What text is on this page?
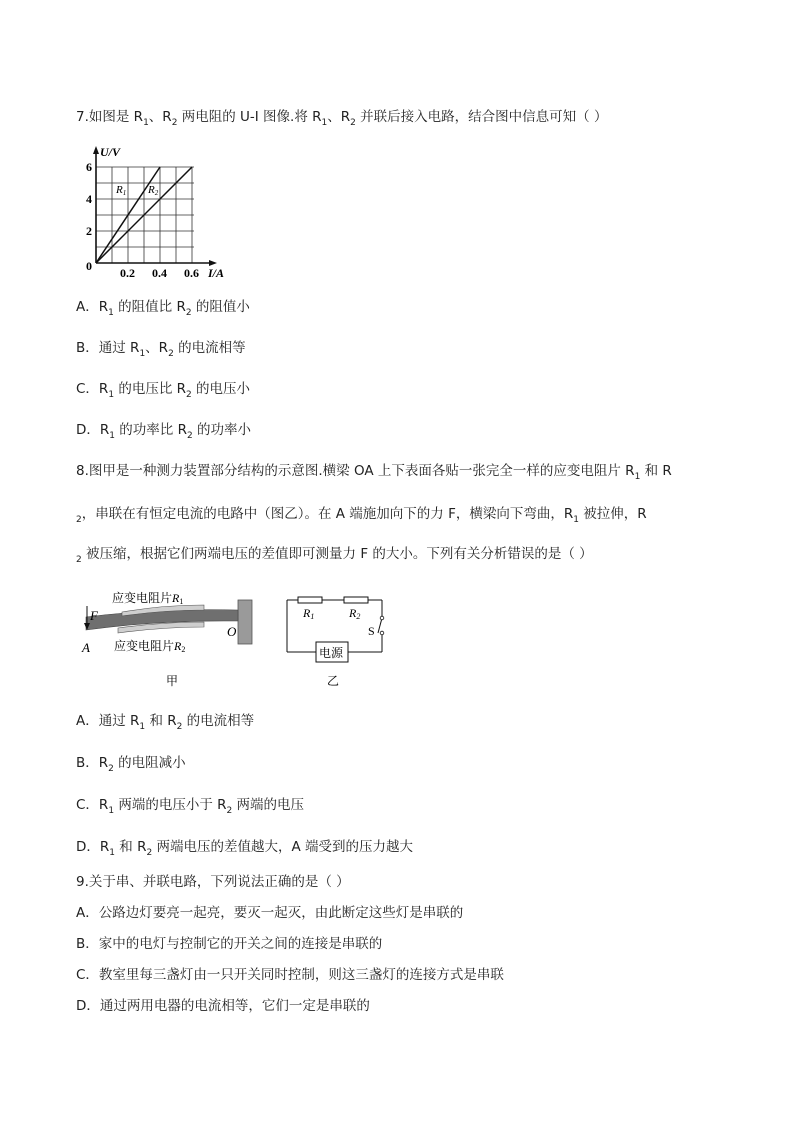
7.如图是 $R_1$、$R_2$ 两电阻的 U-I 图像.将 $R_1$、$R_2$ 并联后接入电路，结合图中信息可知（ ）
U/V
6
4
2
0 0.2 0.4 0.6 I/A
R1 R2
A．$R_1$ 的阻值比 $R_2$ 的阻值小
B．通过 $R_1$、$R_2$ 的电流相等
C．$R_1$ 的电压比 $R_2$ 的电压小
D．$R_1$ 的功率比 $R_2$ 的功率小
8.图甲是一种测力装置部分结构的示意图.横梁 OA 上下表面各贴一张完全一样的应变电阻片 $R_1$ 和 R
$_2$，串联在有恒定电流的电路中（图乙）。在 A 端施加向下的力 F，横梁向下弯曲，$R_1$ 被拉伸，R
$_2$ 被压缩，根据它们两端电压的差值即可测量力 F 的大小。下列有关分析错误的是（ ）
F
A
O
应变电阻片R1
应变电阻片R2
甲
R1	R2
S
电源
乙
A．通过 $R_1$ 和 $R_2$ 的电流相等
B．$R_2$ 的电阻减小
C．$R_1$ 两端的电压小于 $R_2$ 两端的电压
D．$R_1$ 和 $R_2$ 两端电压的差值越大，A 端受到的压力越大
9.关于串、并联电路，下列说法正确的是（ ）
A．公路边灯要亮一起亮，要灭一起灭，由此断定这些灯是串联的
B．家中的电灯与控制它的开关之间的连接是串联的
C．教室里每三盏灯由一只开关同时控制，则这三盏灯的连接方式是串联
D．通过两用电器的电流相等，它们一定是串联的
